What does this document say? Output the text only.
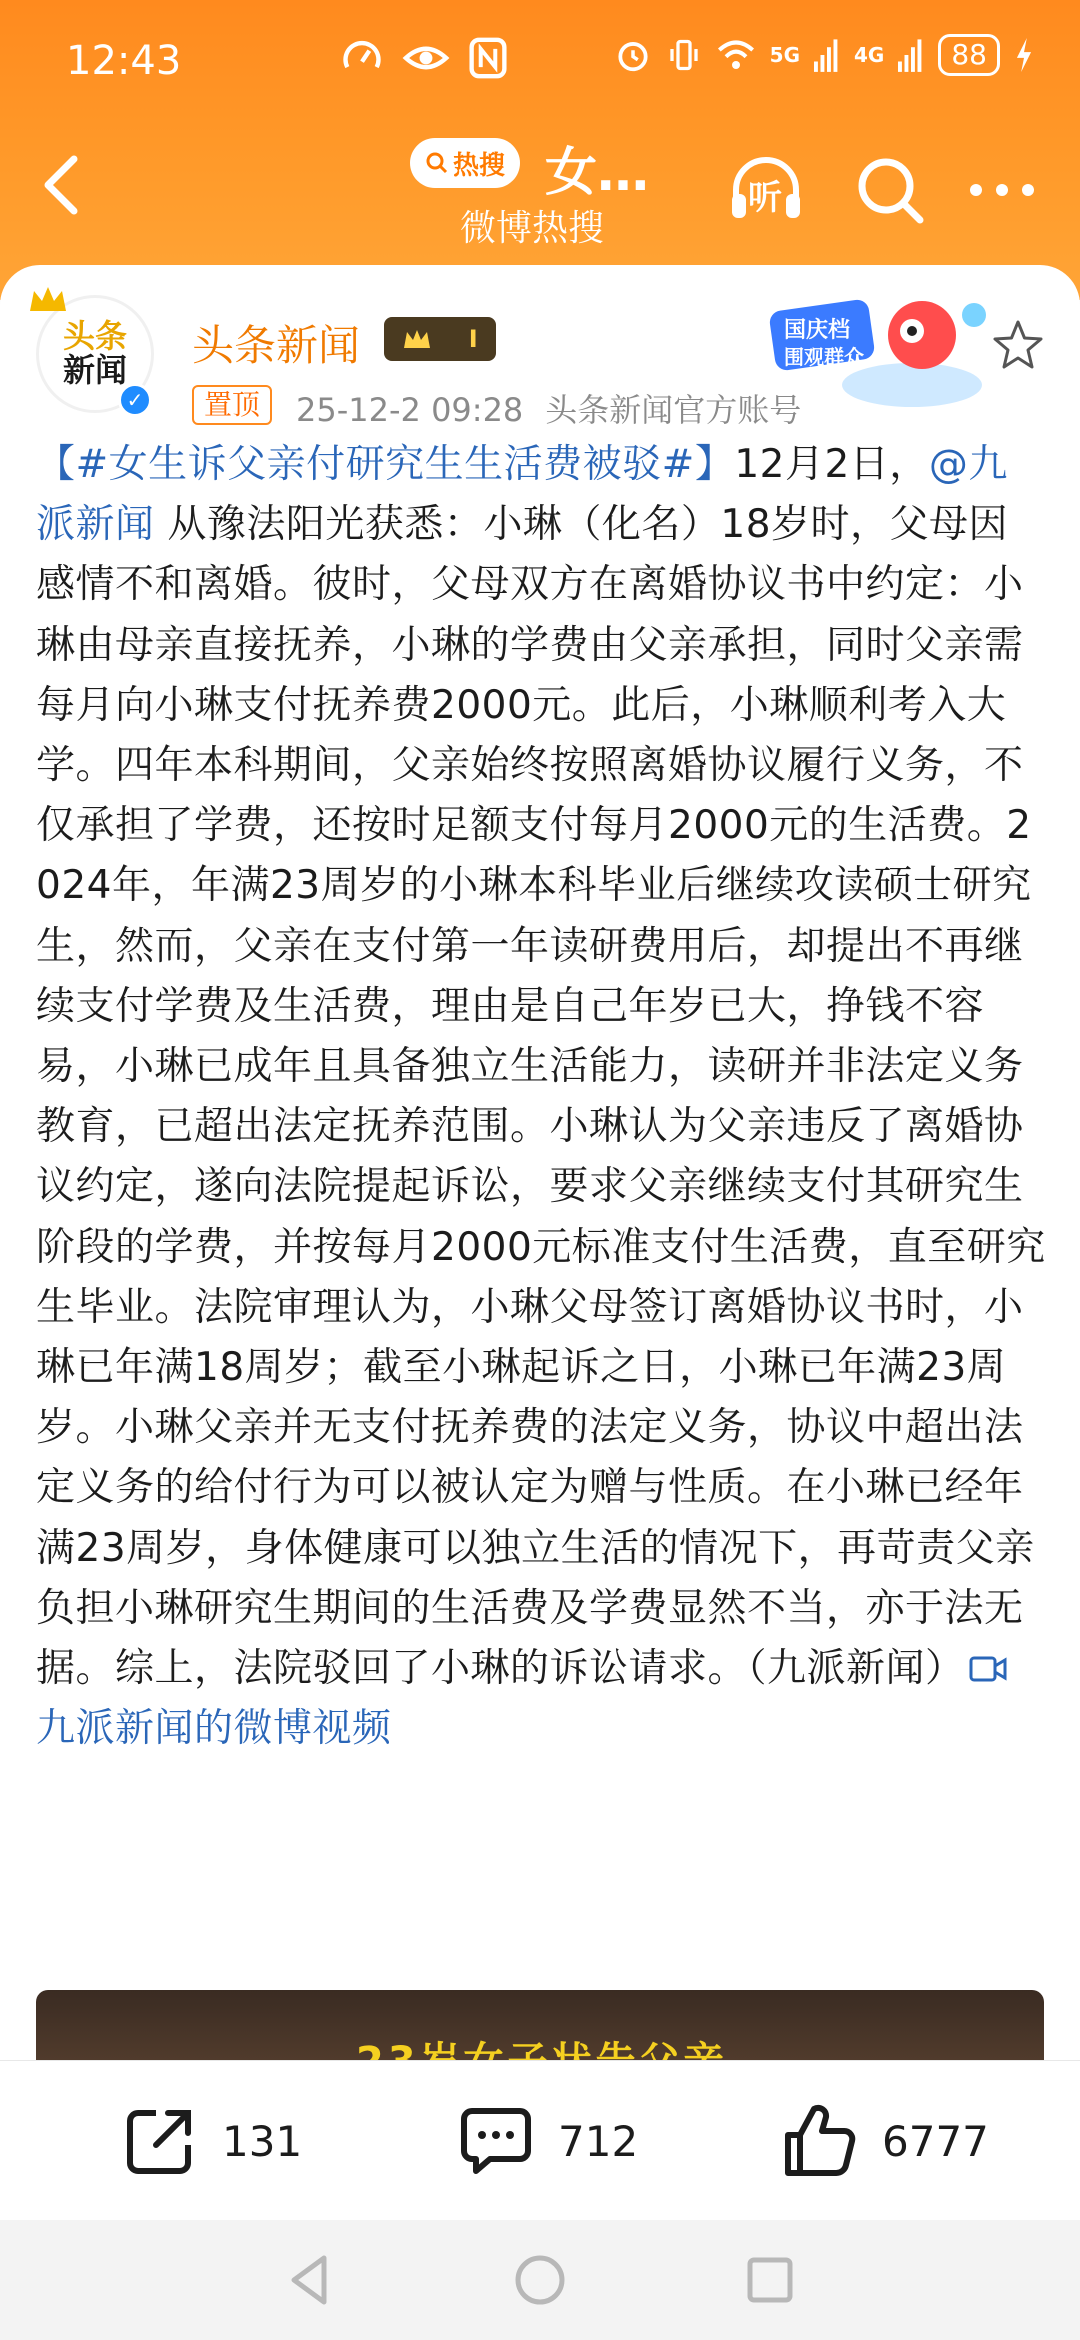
12:43	5G	4G	88
热搜 女…
微博热搜
听
头条
新闻
✓
头条新闻	I
置顶	25-12-2 09:28 头条新闻官方账号
国庆档
围观群众
【#女生诉父亲付研究生生活费被驳#】12月2日，@九派新闻 从豫法阳光获悉：小琳（化名）18岁时，父母因感情不和离婚。彼时，父母双方在离婚协议书中约定：小琳由母亲直接抚养，小琳的学费由父亲承担，同时父亲需每月向小琳支付抚养费2000元。此后，小琳顺利考入大学。四年本科期间，父亲始终按照离婚协议履行义务，不仅承担了学费，还按时足额支付每月2000元的生活费。2024年，年满23周岁的小琳本科毕业后继续攻读硕士研究生，然而，父亲在支付第一年读研费用后，却提出不再继续支付学费及生活费，理由是自己年岁已大，挣钱不容易，小琳已成年且具备独立生活能力，读研并非法定义务教育，已超出法定抚养范围。小琳认为父亲违反了离婚协议约定，遂向法院提起诉讼，要求父亲继续支付其研究生阶段的学费，并按每月2000元标准支付生活费，直至研究生毕业。法院审理认为，小琳父母签订离婚协议书时，小琳已年满18周岁；截至小琳起诉之日，小琳已年满23周岁。小琳父亲并无支付抚养费的法定义务，协议中超出法定义务的给付行为可以被认定为赠与性质。在小琳已经年满23周岁，身体健康可以独立生活的情况下，再苛责父亲负担小琳研究生期间的生活费及学费显然不当，亦于法无据。综上，法院驳回了小琳的诉讼请求。（九派新闻）九派新闻的微博视频
131	712	6777
